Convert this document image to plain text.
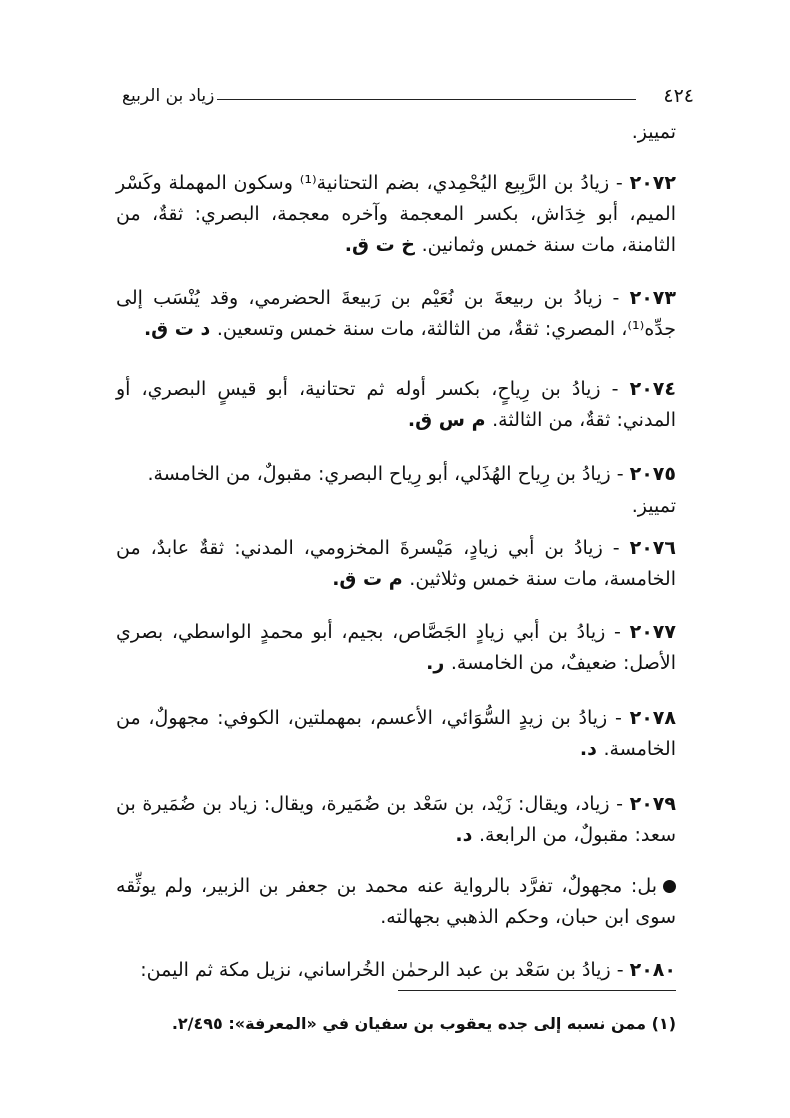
٤٢٤
زياد بن الربيع

تمييز.

٢٠٧٢ - زيادُ بن الرَّبِيع اليُحْمِدي، بضم التحتانية⁽¹⁾ وسكون المهملة وكَسْر الميم، أبو خِدَاش، بكسر المعجمة وآخره معجمة، البصري: ثقةٌ، من الثامنة، مات سنة خمس وثمانين. خ ت ق.

٢٠٧٣ - زيادُ بن ربيعةَ بن نُعَيْم بن رَبيعةَ الحضرمي، وقد يُنْسَب إلى جدِّه⁽¹⁾، المصري: ثقةٌ، من الثالثة، مات سنة خمس وتسعين. د ت ق.

٢٠٧٤ - زيادُ بن رِياحٍ، بكسر أوله ثم تحتانية، أبو قيسٍ البصري، أو المدني: ثقةٌ، من الثالثة. م س ق.

٢٠٧٥ - زيادُ بن رِياح الهُذَلي، أبو رِياح البصري: مقبولٌ، من الخامسة.

تمييز.

٢٠٧٦ - زيادُ بن أبي زيادٍ، مَيْسرةَ المخزومي، المدني: ثقةٌ عابدٌ، من الخامسة، مات سنة خمس وثلاثين. م ت ق.

٢٠٧٧ - زيادُ بن أبي زيادٍ الجَصَّاص، بجيم، أبو محمدٍ الواسطي، بصري الأصل: ضعيفٌ، من الخامسة. ر.

٢٠٧٨ - زيادُ بن زيدٍ السُّوَائي، الأعسم، بمهملتين، الكوفي: مجهولٌ، من الخامسة. د.

٢٠٧٩ - زياد، ويقال: زَيْد، بن سَعْد بن ضُمَيرة، ويقال: زياد بن ضُمَيرة بن سعد: مقبولٌ، من الرابعة. د.

بل: مجهولٌ، تفرَّد بالرواية عنه محمد بن جعفر بن الزبير، ولم يوثِّقه سوى ابن حبان، وحكم الذهبي بجهالته.

٢٠٨٠ - زيادُ بن سَعْد بن عبد الرحمٰن الخُراساني، نزيل مكة ثم اليمن:

(١) ممن نسبه إلى جده يعقوب بن سفيان في «المعرفة»: ٢/٤٩٥.
